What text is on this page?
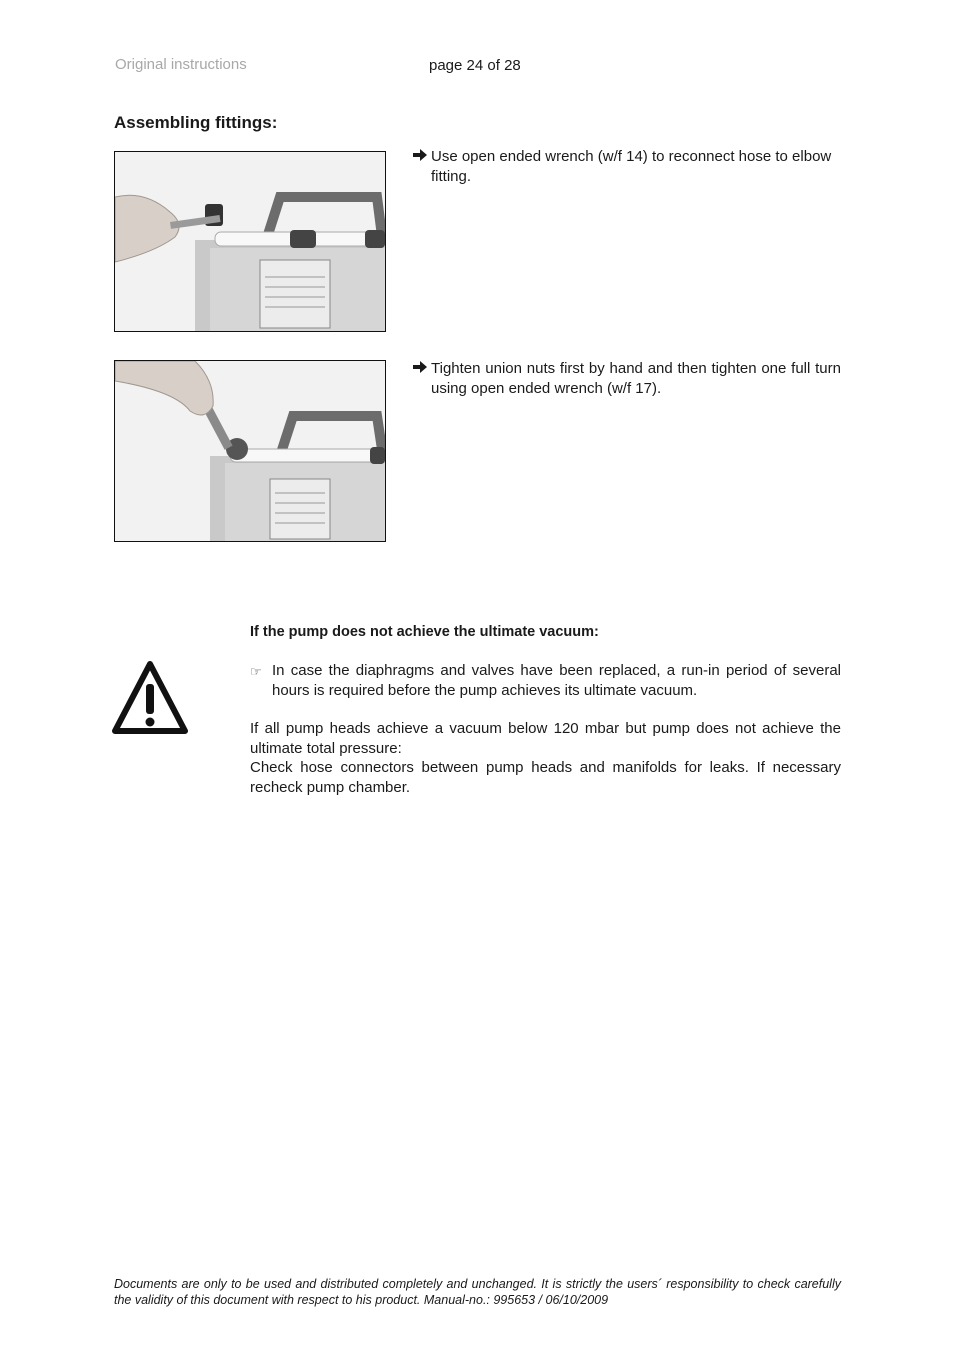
Original instructions	page 24 of 28
Assembling fittings:
Use open ended wrench (w/f 14) to reconnect hose to elbow fitting.
Tighten union nuts first by hand and then tighten one full turn using open ended wrench (w/f 17).
If the pump does not achieve the ultimate vacuum:
☞ In case the diaphragms and valves have been replaced, a run-in period of several hours is required before the pump achieves its ultimate vacuum.
If all pump heads achieve a vacuum below 120 mbar but pump does not achieve the ultimate total pressure:
Check hose connectors between pump heads and manifolds for leaks. If necessary recheck pump chamber.
Documents are only to be used and distributed completely and unchanged. It is strictly the users´ responsibility to check carefully the validity of this document with respect to his product. Manual-no.: 995653 / 06/10/2009
